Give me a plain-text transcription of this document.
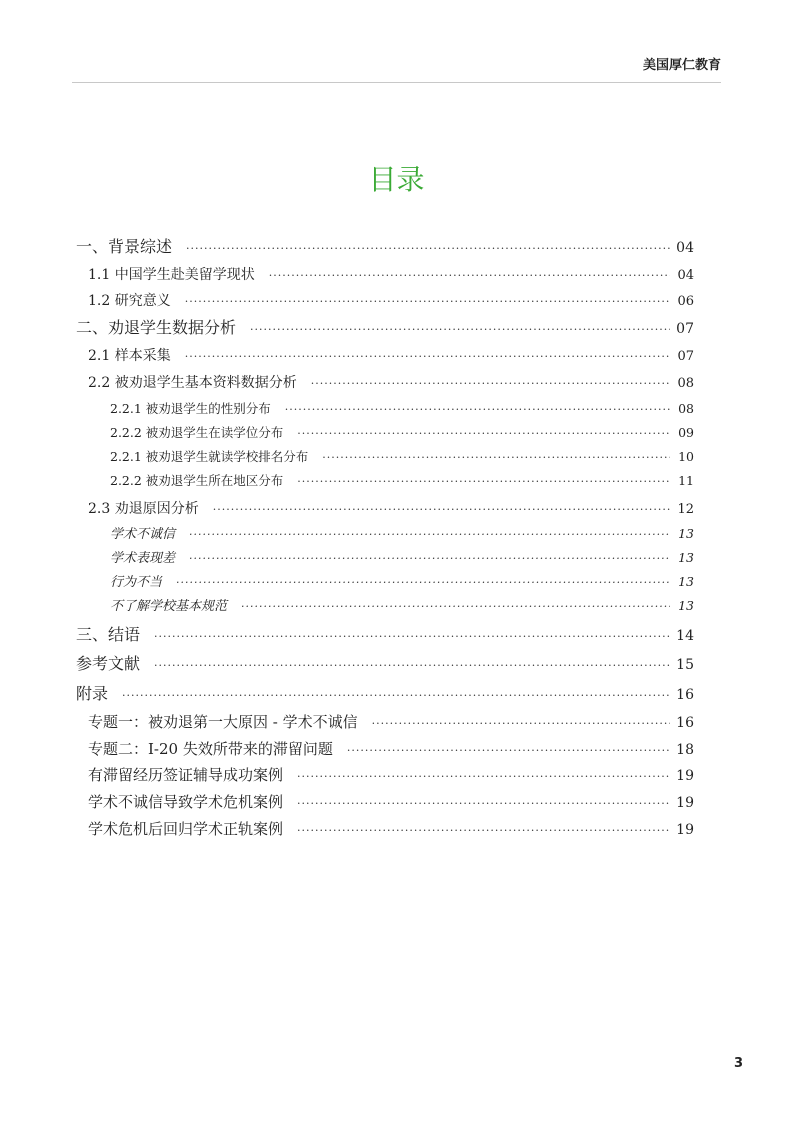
美国厚仁教育
目录
一、背景综述 ·····	04
1.1 中国学生赴美留学现状 ·····	04
1.2 研究意义 ·····	06
二、劝退学生数据分析 ·····	07
2.1 样本采集 ·····	07
2.2 被劝退学生基本资料数据分析 ·····	08
2.2.1 被劝退学生的性别分布 ·····	08
2.2.2 被劝退学生在读学位分布 ·····	09
2.2.1 被劝退学生就读学校排名分布 ·····	10
2.2.2 被劝退学生所在地区分布 ·····	11
2.3 劝退原因分析 ·····	12
学术不诚信 ·····	13
学术表现差 ·····	13
行为不当 ·····	13
不了解学校基本规范 ·····	13
三、结语 ·····	14
参考文献 ·····	15
附录 ·····	16
专题一：被劝退第一大原因 - 学术不诚信 ·····	16
专题二：I-20 失效所带来的滞留问题 ·····	18
有滞留经历签证辅导成功案例 ·····	19
学术不诚信导致学术危机案例 ·····	19
学术危机后回归学术正轨案例 ·····	19
3
